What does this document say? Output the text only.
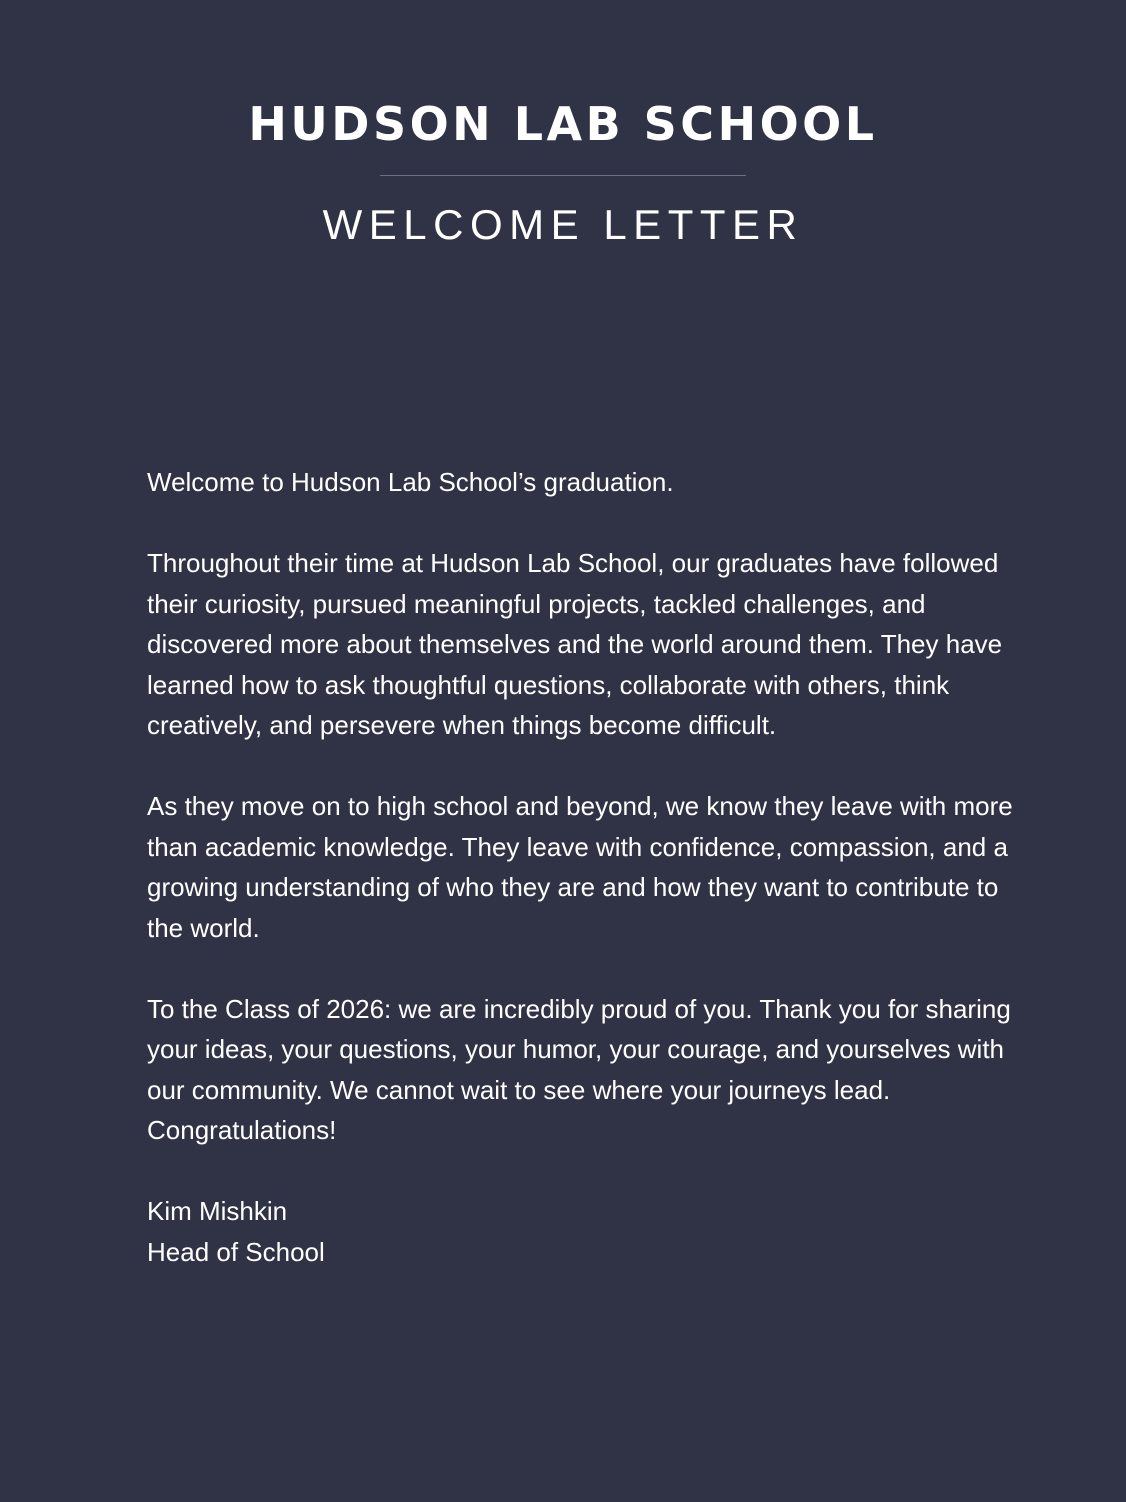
HUDSON LAB SCHOOL
WELCOME LETTER

Welcome to Hudson Lab School’s graduation.

Throughout their time at Hudson Lab School, our graduates have followed their curiosity, pursued meaningful projects, tackled challenges, and discovered more about themselves and the world around them. They have learned how to ask thoughtful questions, collaborate with others, think creatively, and persevere when things become difficult.

As they move on to high school and beyond, we know they leave with more than academic knowledge. They leave with confidence, compassion, and a growing understanding of who they are and how they want to contribute to the world.

To the Class of 2026: we are incredibly proud of you. Thank you for sharing your ideas, your questions, your humor, your courage, and yourselves with our community. We cannot wait to see where your journeys lead. Congratulations!

Kim Mishkin
Head of School
